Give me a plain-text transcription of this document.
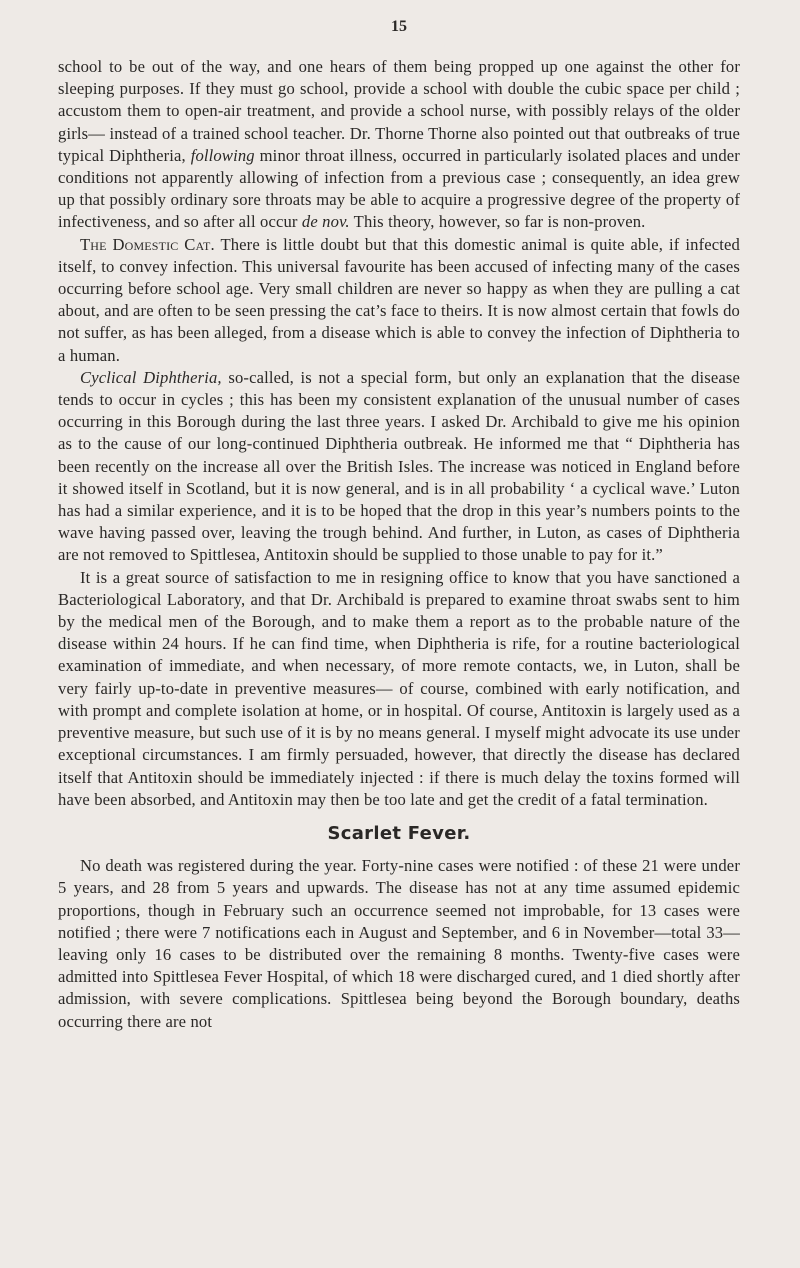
15

school to be out of the way, and one hears of them being propped up one against the other for sleeping purposes. If they must go school, provide a school with double the cubic space per child ; accustom them to open-air treatment, and provide a school nurse, with possibly relays of the older girls— instead of a trained school teacher. Dr. Thorne Thorne also pointed out that outbreaks of true typical Diphtheria, following minor throat illness, occurred in particularly isolated places and under conditions not apparently allowing of infection from a previous case ; consequently, an idea grew up that possibly ordinary sore throats may be able to acquire a progressive degree of the property of infectiveness, and so after all occur de nov. This theory, however, so far is non-proven.

The Domestic Cat. There is little doubt but that this domestic animal is quite able, if infected itself, to convey infection. This universal favourite has been accused of infecting many of the cases occurring before school age. Very small children are never so happy as when they are pulling a cat about, and are often to be seen pressing the cat’s face to theirs. It is now almost certain that fowls do not suffer, as has been alleged, from a disease which is able to convey the infection of Diphtheria to a human.

Cyclical Diphtheria, so-called, is not a special form, but only an explanation that the disease tends to occur in cycles ; this has been my consistent explanation of the unusual number of cases occurring in this Borough during the last three years. I asked Dr. Archibald to give me his opinion as to the cause of our long-continued Diphtheria outbreak. He informed me that “ Diphtheria has been recently on the increase all over the British Isles. The increase was noticed in England before it showed itself in Scotland, but it is now general, and is in all probability ‘ a cyclical wave.’ Luton has had a similar experience, and it is to be hoped that the drop in this year’s numbers points to the wave having passed over, leaving the trough behind. And further, in Luton, as cases of Diphtheria are not removed to Spittlesea, Antitoxin should be supplied to those unable to pay for it.”

It is a great source of satisfaction to me in resigning office to know that you have sanctioned a Bacteriological Laboratory, and that Dr. Archibald is prepared to examine throat swabs sent to him by the medical men of the Borough, and to make them a report as to the probable nature of the disease within 24 hours. If he can find time, when Diphtheria is rife, for a routine bacteriological examination of immediate, and when necessary, of more remote contacts, we, in Luton, shall be very fairly up-to-date in preventive measures— of course, combined with early notification, and with prompt and complete isolation at home, or in hospital. Of course, Antitoxin is largely used as a preventive measure, but such use of it is by no means general. I myself might advocate its use under exceptional circumstances. I am firmly persuaded, however, that directly the disease has declared itself that Antitoxin should be immediately injected : if there is much delay the toxins formed will have been absorbed, and Antitoxin may then be too late and get the credit of a fatal termination.

Scarlet Fever.

No death was registered during the year. Forty-nine cases were notified : of these 21 were under 5 years, and 28 from 5 years and upwards. The disease has not at any time assumed epidemic proportions, though in February such an occurrence seemed not improbable, for 13 cases were notified ; there were 7 notifications each in August and September, and 6 in November—total 33— leaving only 16 cases to be distributed over the remaining 8 months. Twenty-five cases were admitted into Spittlesea Fever Hospital, of which 18 were discharged cured, and 1 died shortly after admission, with severe complications. Spittlesea being beyond the Borough boundary, deaths occurring there are not
